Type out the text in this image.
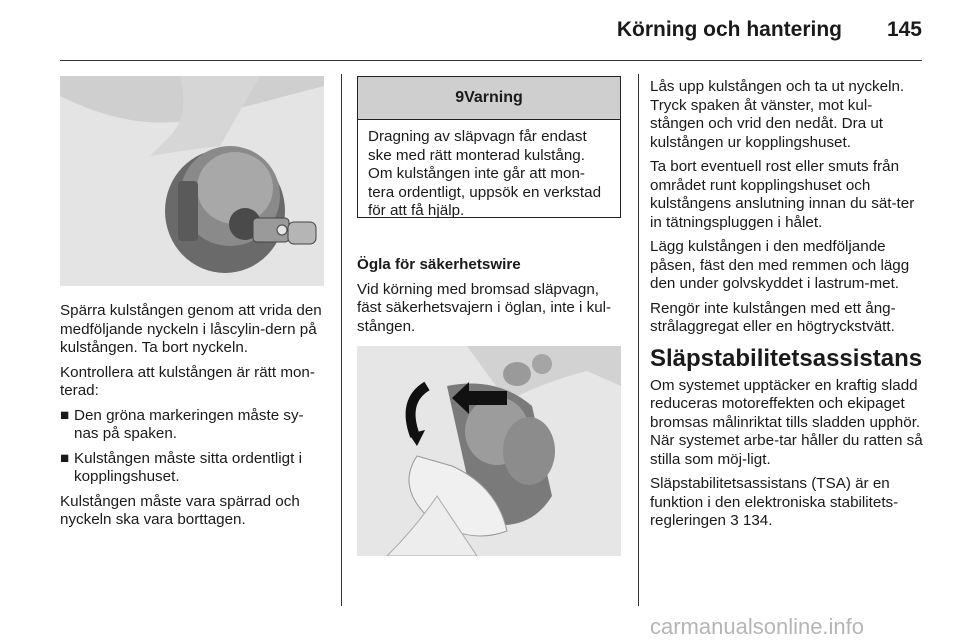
Körning och hantering 145

Spärra kulstången genom att vrida den medföljande nyckeln i låscylin-dern på kulstången. Ta bort nyckeln.

Kontrollera att kulstången är rätt mon-terad:

■ Den gröna markeringen måste sy-nas på spaken.
■ Kulstången måste sitta ordentligt i kopplingshuset.

Kulstången måste vara spärrad och nyckeln ska vara borttagen.

9 Varning
Dragning av släpvagn får endast ske med rätt monterad kulstång. Om kulstången inte går att mon-tera ordentligt, uppsök en verkstad för att få hjälp.

Ögla för säkerhetswire

Vid körning med bromsad släpvagn, fäst säkerhetsvajern i öglan, inte i kul-stången.

Lås upp kulstången och ta ut nyckeln. Tryck spaken åt vänster, mot kul-stången och vrid den nedåt. Dra ut kulstången ur kopplingshuset.

Ta bort eventuell rost eller smuts från området runt kopplingshuset och kulstångens anslutning innan du sät-ter in tätningspluggen i hålet.

Lägg kulstången i den medföljande påsen, fäst den med remmen och lägg den under golvskyddet i lastrum-met.

Rengör inte kulstången med ett ång-strålaggregat eller en högtryckstvätt.

Släpstabilitetsassistans

Om systemet upptäcker en kraftig sladd reduceras motoreffekten och ekipaget bromsas målinriktat tills sladden upphör. När systemet arbe-tar håller du ratten så stilla som möj-ligt.

Släpstabilitetsassistans (TSA) är en funktion i den elektroniska stabilitets-regleringen 3 134.

carmanualsonline.info
